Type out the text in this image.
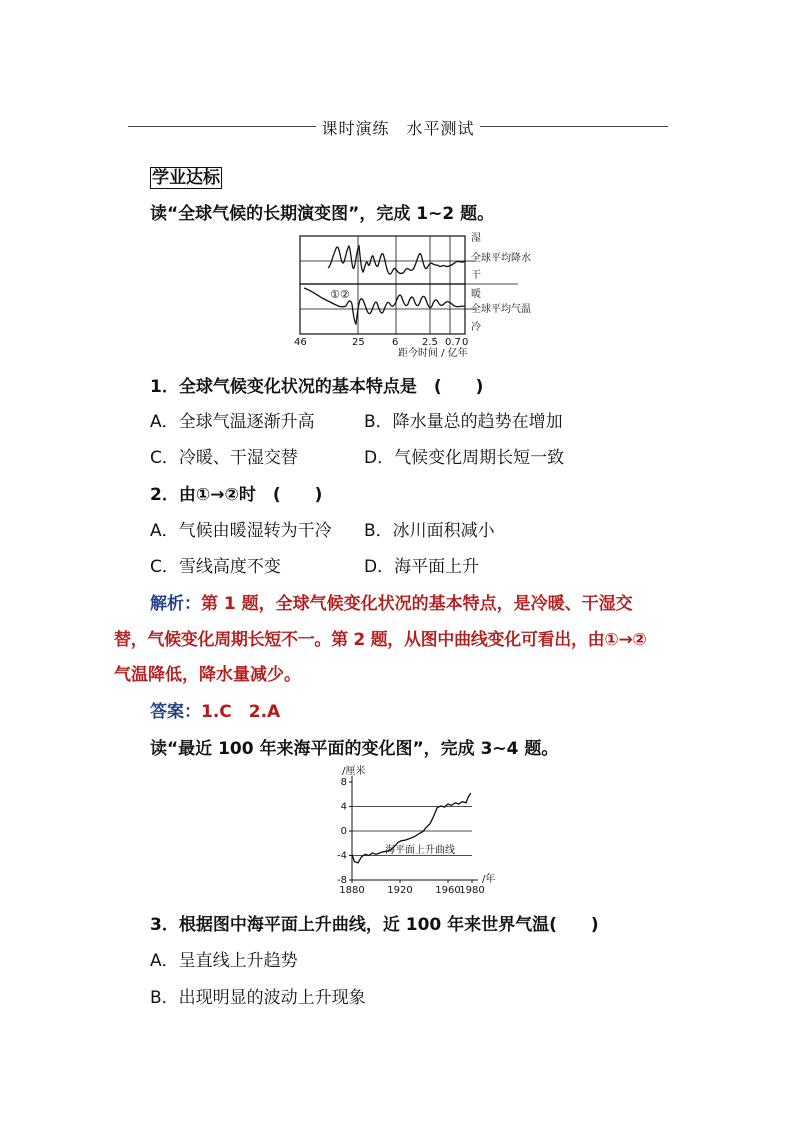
课时演练　水平测试
学业达标
读“全球气候的长期演变图”，完成 1~2 题。
①②
湿
全球平均降水
干
暖
全球平均气温
冷
46	25	6 2.5 0.7 0
距今时间 / 亿年
1．全球气候变化状况的基本特点是　(　　)
A．全球气温逐渐升高	B．降水量总的趋势在增加
C．冷暖、干湿交替	D．气候变化周期长短一致
2．由①→②时　(　　)
A．气候由暖湿转为干冷 B．冰川面积减小
C．雪线高度不变	D．海平面上升
解析：第 1 题，全球气候变化状况的基本特点，是冷暖、干湿交
替，气候变化周期长短不一。第 2 题，从图中曲线变化可看出，由①→②
气温降低，降水量减少。
答案：1.C　2.A
读“最近 100 年来海平面的变化图”，完成 3~4 题。
8
4
0
-4
-8
1880 1920 1960
1980
/厘米
/年
海平面上升曲线
3．根据图中海平面上升曲线，近 100 年来世界气温(　　)
A．呈直线上升趋势
B．出现明显的波动上升现象
